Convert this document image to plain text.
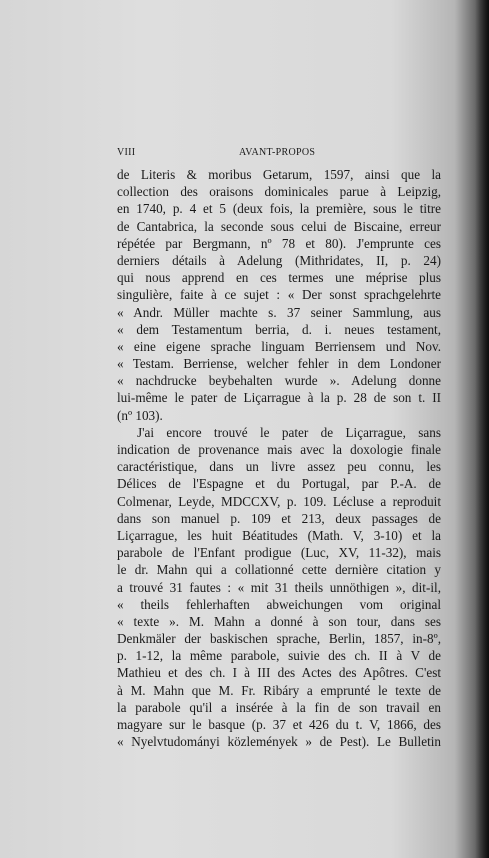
VIII	AVANT-PROPOS
de Literis & moribus Getarum, 1597, ainsi que la
collection des oraisons dominicales parue à Leipzig,
en 1740, p. 4 et 5 (deux fois, la première, sous le titre
de Cantabrica, la seconde sous celui de Biscaine, erreur
répétée par Bergmann, nº 78 et 80). J'emprunte ces
derniers détails à Adelung (Mithridates, II, p. 24)
qui nous apprend en ces termes une méprise plus
singulière, faite à ce sujet : « Der sonst sprachgelehrte
« Andr. Müller machte s. 37 seiner Sammlung, aus
« dem Testamentum berria, d. i. neues testament,
« eine eigene sprache linguam Berriensem und Nov.
« Testam. Berriense, welcher fehler in dem Londoner
« nachdrucke beybehalten wurde ». Adelung donne
lui-même le pater de Liçarrague à la p. 28 de son t. II
(nº 103).
J'ai encore trouvé le pater de Liçarrague, sans
indication de provenance mais avec la doxologie finale
caractéristique, dans un livre assez peu connu, les
Délices de l'Espagne et du Portugal, par P.-A. de
Colmenar, Leyde, MDCCXV, p. 109. Lécluse a reproduit
dans son manuel p. 109 et 213, deux passages de
Liçarrague, les huit Béatitudes (Math. V, 3-10) et la
parabole de l'Enfant prodigue (Luc, XV, 11-32), mais
le dr. Mahn qui a collationné cette dernière citation y
a trouvé 31 fautes : « mit 31 theils unnöthigen », dit-il,
« theils fehlerhaften abweichungen vom original
« texte ». M. Mahn a donné à son tour, dans ses
Denkmäler der baskischen sprache, Berlin, 1857, in-8º,
p. 1-12, la même parabole, suivie des ch. II à V de
Mathieu et des ch. I à III des Actes des Apôtres. C'est
à M. Mahn que M. Fr. Ribáry a emprunté le texte de
la parabole qu'il a insérée à la fin de son travail en
magyare sur le basque (p. 37 et 426 du t. V, 1866, des
« Nyelvtudományi közlemények » de Pest). Le Bulletin
